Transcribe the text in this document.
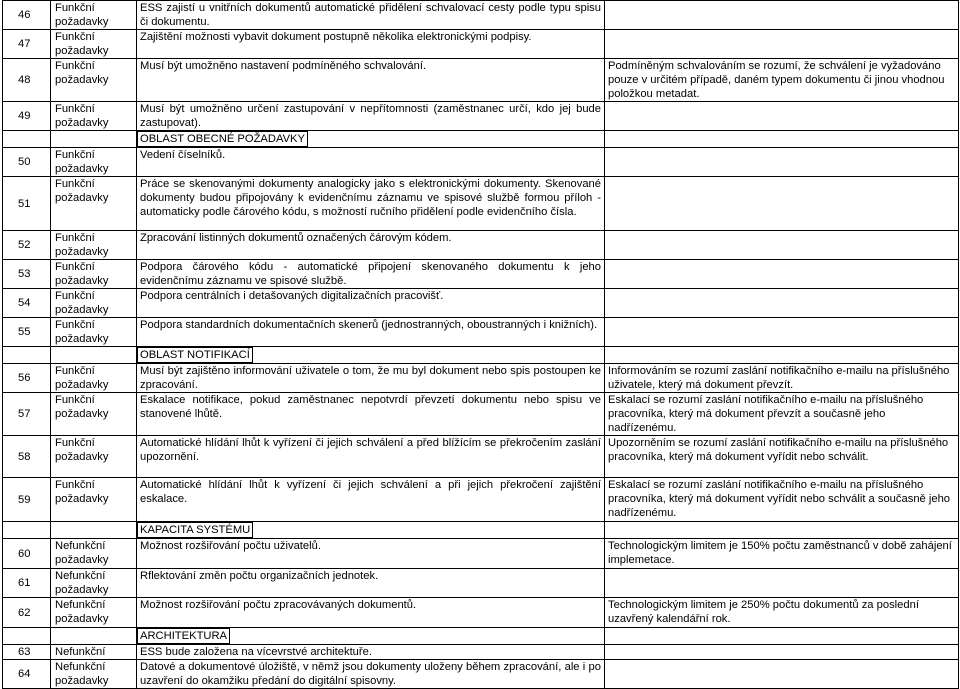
46	Funkční
požadavky	ESS zajistí u vnitřních dokumentů automatické přidělení schvalovací cesty podle typu spisu či dokumentu.	
47	Funkční
požadavky	Zajištění možnosti vybavit dokument postupně několika elektronickými podpisy.	
48	Funkční
požadavky	Musí být umožněno nastavení podmíněného schvalování.	Podmíněným schvalováním se rozumí, že schválení je vyžadováno pouze v určitém případě, daném typem dokumentu či jinou vhodnou položkou metadat.
49	Funkční
požadavky	Musí být umožněno určení zastupování v nepřítomnosti (zaměstnanec určí, kdo jej bude zastupovat).	
		OBLAST OBECNÉ POŽADAVKY	
50	Funkční
požadavky	Vedení číselníků.	
51	Funkční
požadavky	Práce se skenovanými dokumenty analogicky jako s elektronickými dokumenty. Skenované dokumenty budou připojovány k evidenčnímu záznamu ve spisové službě formou příloh - automaticky podle čárového kódu, s možností ručního přidělení podle evidenčního čísla.	
52	Funkční
požadavky	Zpracování listinných dokumentů označených čárovým kódem.	
53	Funkční
požadavky	Podpora čárového kódu - automatické připojení skenovaného dokumentu k jeho evidenčnímu záznamu ve spisové službě.	
54	Funkční
požadavky	Podpora centrálních i detašovaných digitalizačních pracovišť.	
55	Funkční
požadavky	Podpora standardních dokumentačních skenerů (jednostranných, oboustranných i knižních).	
		OBLAST NOTIFIKACÍ	
56	Funkční
požadavky	Musí být zajištěno informování uživatele o tom, že mu byl dokument nebo spis postoupen ke zpracování.	Informováním se rozumí zaslání notifikačního e-mailu na příslušného uživatele, který má dokument převzít.
57	Funkční
požadavky	Eskalace notifikace, pokud zaměstnanec nepotvrdí převzetí dokumentu nebo spisu ve stanovené lhůtě.	Eskalací se rozumí zaslání notifikačního e-mailu na příslušného pracovníka, který má dokument převzít a současně jeho nadřízenému.
58	Funkční
požadavky	Automatické hlídání lhůt k vyřízení či jejich schválení a před blížícím se překročením zaslání upozornění.	Upozorněním se rozumí zaslání notifikačního e-mailu na příslušného pracovníka, který má dokument vyřídit nebo schválit.
59	Funkční
požadavky	Automatické hlídání lhůt k vyřízení či jejich schválení a při jejich překročení zajištění eskalace.	Eskalací se rozumí zaslání notifikačního e-mailu na příslušného pracovníka, který má dokument vyřídit nebo schválit a současně jeho nadřízenému.
		KAPACITA SYSTÉMU	
60	Nefunkční
požadavky	Možnost rozšiřování počtu uživatelů.	Technologickým limitem je 150% počtu zaměstnanců v době zahájení implemetace.
61	Nefunkční
požadavky	Rflektování změn počtu organizačních jednotek.	
62	Nefunkční
požadavky	Možnost rozšiřování počtu zpracovávaných dokumentů.	Technologickým limitem je 250% počtu dokumentů za poslední uzavřený kalendářní rok.
		ARCHITEKTURA	
63	Nefunkční	ESS bude založena na vícevrstvé architektuře.	
64	Nefunkční
požadavky	Datové a dokumentové úložiště, v němž jsou dokumenty uloženy během zpracování, ale i po uzavření do okamžiku předání do digitální spisovny.	
